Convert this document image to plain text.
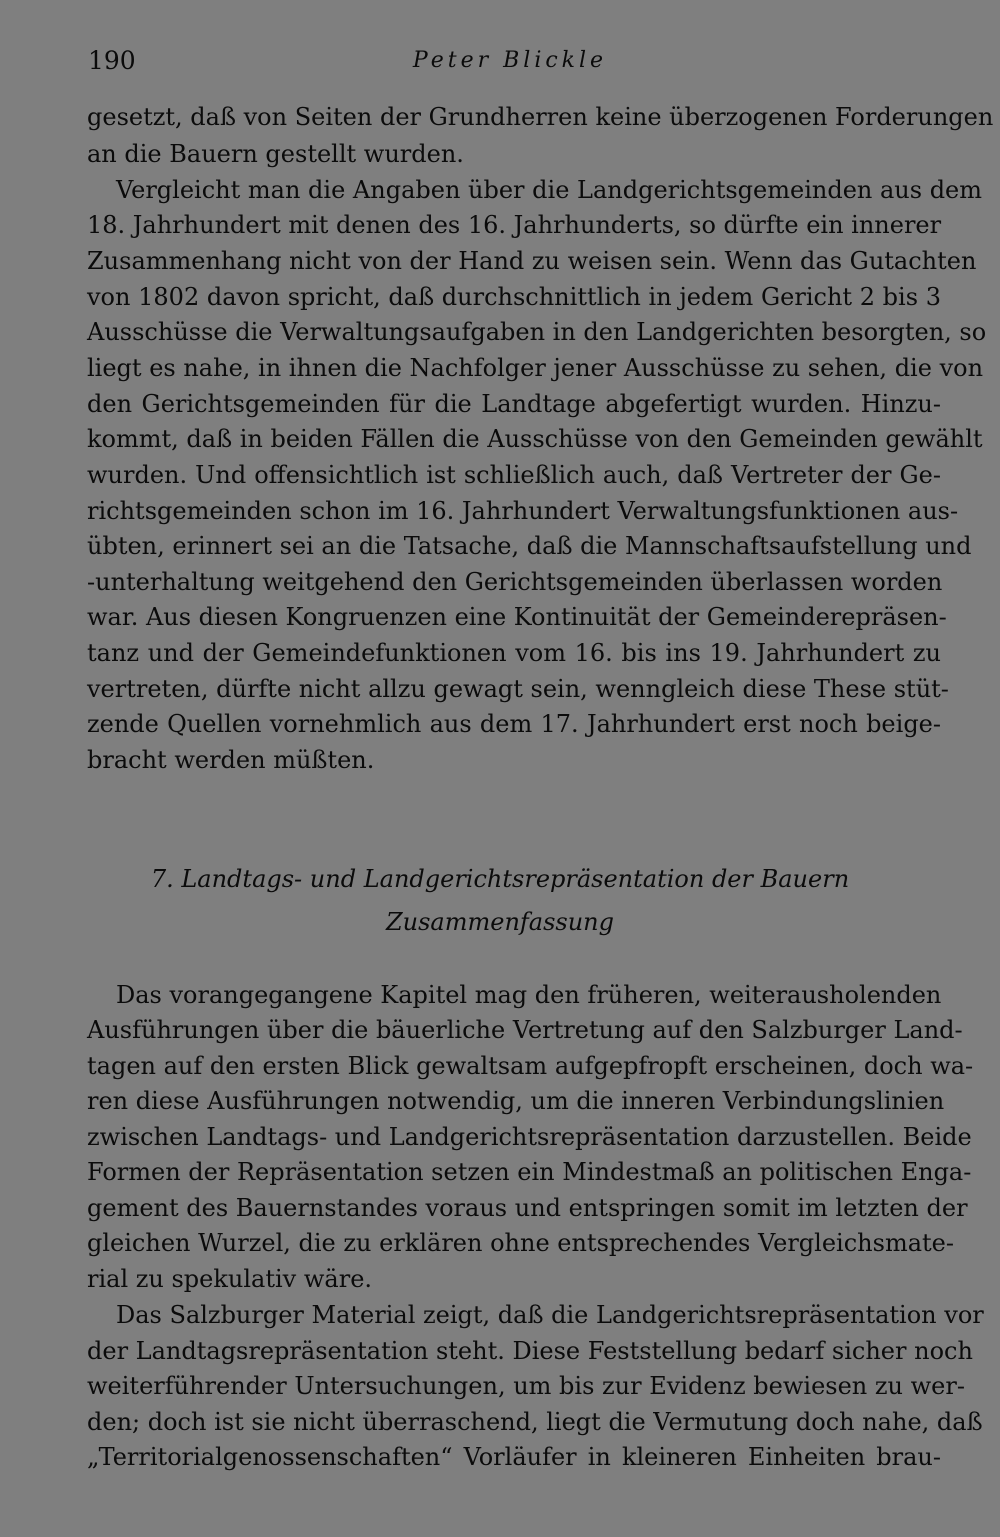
190	Peter Blickle
gesetzt, daß von Seiten der Grundherren keine überzogenen Forderungen
an die Bauern gestellt wurden.
Vergleicht man die Angaben über die Landgerichtsgemeinden aus dem
18. Jahrhundert mit denen des 16. Jahrhunderts, so dürfte ein innerer
Zusammenhang nicht von der Hand zu weisen sein. Wenn das Gutachten
von 1802 davon spricht, daß durchschnittlich in jedem Gericht 2 bis 3
Ausschüsse die Verwaltungsaufgaben in den Landgerichten besorgten, so
liegt es nahe, in ihnen die Nachfolger jener Ausschüsse zu sehen, die von
den Gerichtsgemeinden für die Landtage abgefertigt wurden. Hinzu-
kommt, daß in beiden Fällen die Ausschüsse von den Gemeinden gewählt
wurden. Und offensichtlich ist schließlich auch, daß Vertreter der Ge-
richtsgemeinden schon im 16. Jahrhundert Verwaltungsfunktionen aus-
übten, erinnert sei an die Tatsache, daß die Mannschaftsaufstellung und
-unterhaltung weitgehend den Gerichtsgemeinden überlassen worden
war. Aus diesen Kongruenzen eine Kontinuität der Gemeinderepräsen-
tanz und der Gemeindefunktionen vom 16. bis ins 19. Jahrhundert zu
vertreten, dürfte nicht allzu gewagt sein, wenngleich diese These stüt-
zende Quellen vornehmlich aus dem 17. Jahrhundert erst noch beige-
bracht werden müßten.
7. Landtags- und Landgerichtsrepräsentation der Bauern
Zusammenfassung
Das vorangegangene Kapitel mag den früheren, weiterausholenden
Ausführungen über die bäuerliche Vertretung auf den Salzburger Land-
tagen auf den ersten Blick gewaltsam aufgepfropft erscheinen, doch wa-
ren diese Ausführungen notwendig, um die inneren Verbindungslinien
zwischen Landtags- und Landgerichtsrepräsentation darzustellen. Beide
Formen der Repräsentation setzen ein Mindestmaß an politischen Enga-
gement des Bauernstandes voraus und entspringen somit im letzten der
gleichen Wurzel, die zu erklären ohne entsprechendes Vergleichsmate-
rial zu spekulativ wäre.
Das Salzburger Material zeigt, daß die Landgerichtsrepräsentation vor
der Landtagsrepräsentation steht. Diese Feststellung bedarf sicher noch
weiterführender Untersuchungen, um bis zur Evidenz bewiesen zu wer-
den; doch ist sie nicht überraschend, liegt die Vermutung doch nahe, daß
„Territorialgenossenschaften“ Vorläufer in kleineren Einheiten brau-
